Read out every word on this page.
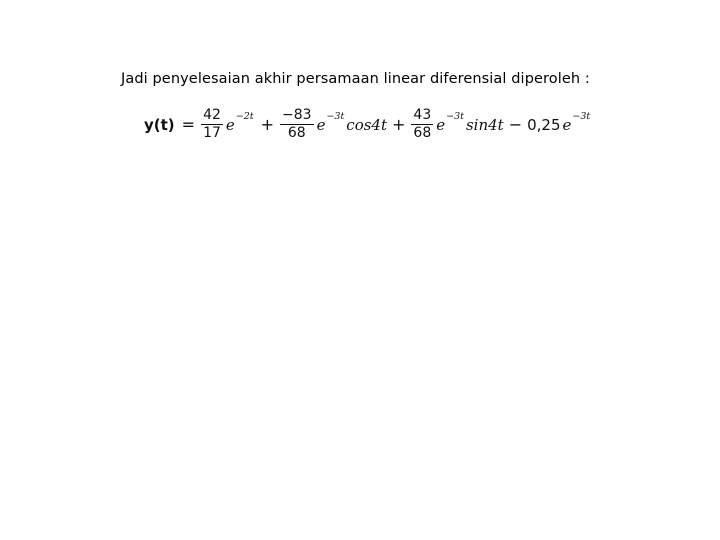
Jadi penyelesaian akhir persamaan linear diferensial diperoleh :
$y(t) = \frac{42}{17}$ $e -2t + \frac{-83}{68}$ e −3t $\cos 4t + \frac{43}{68}$ e −3t sin4t − 0,25 e −3t
